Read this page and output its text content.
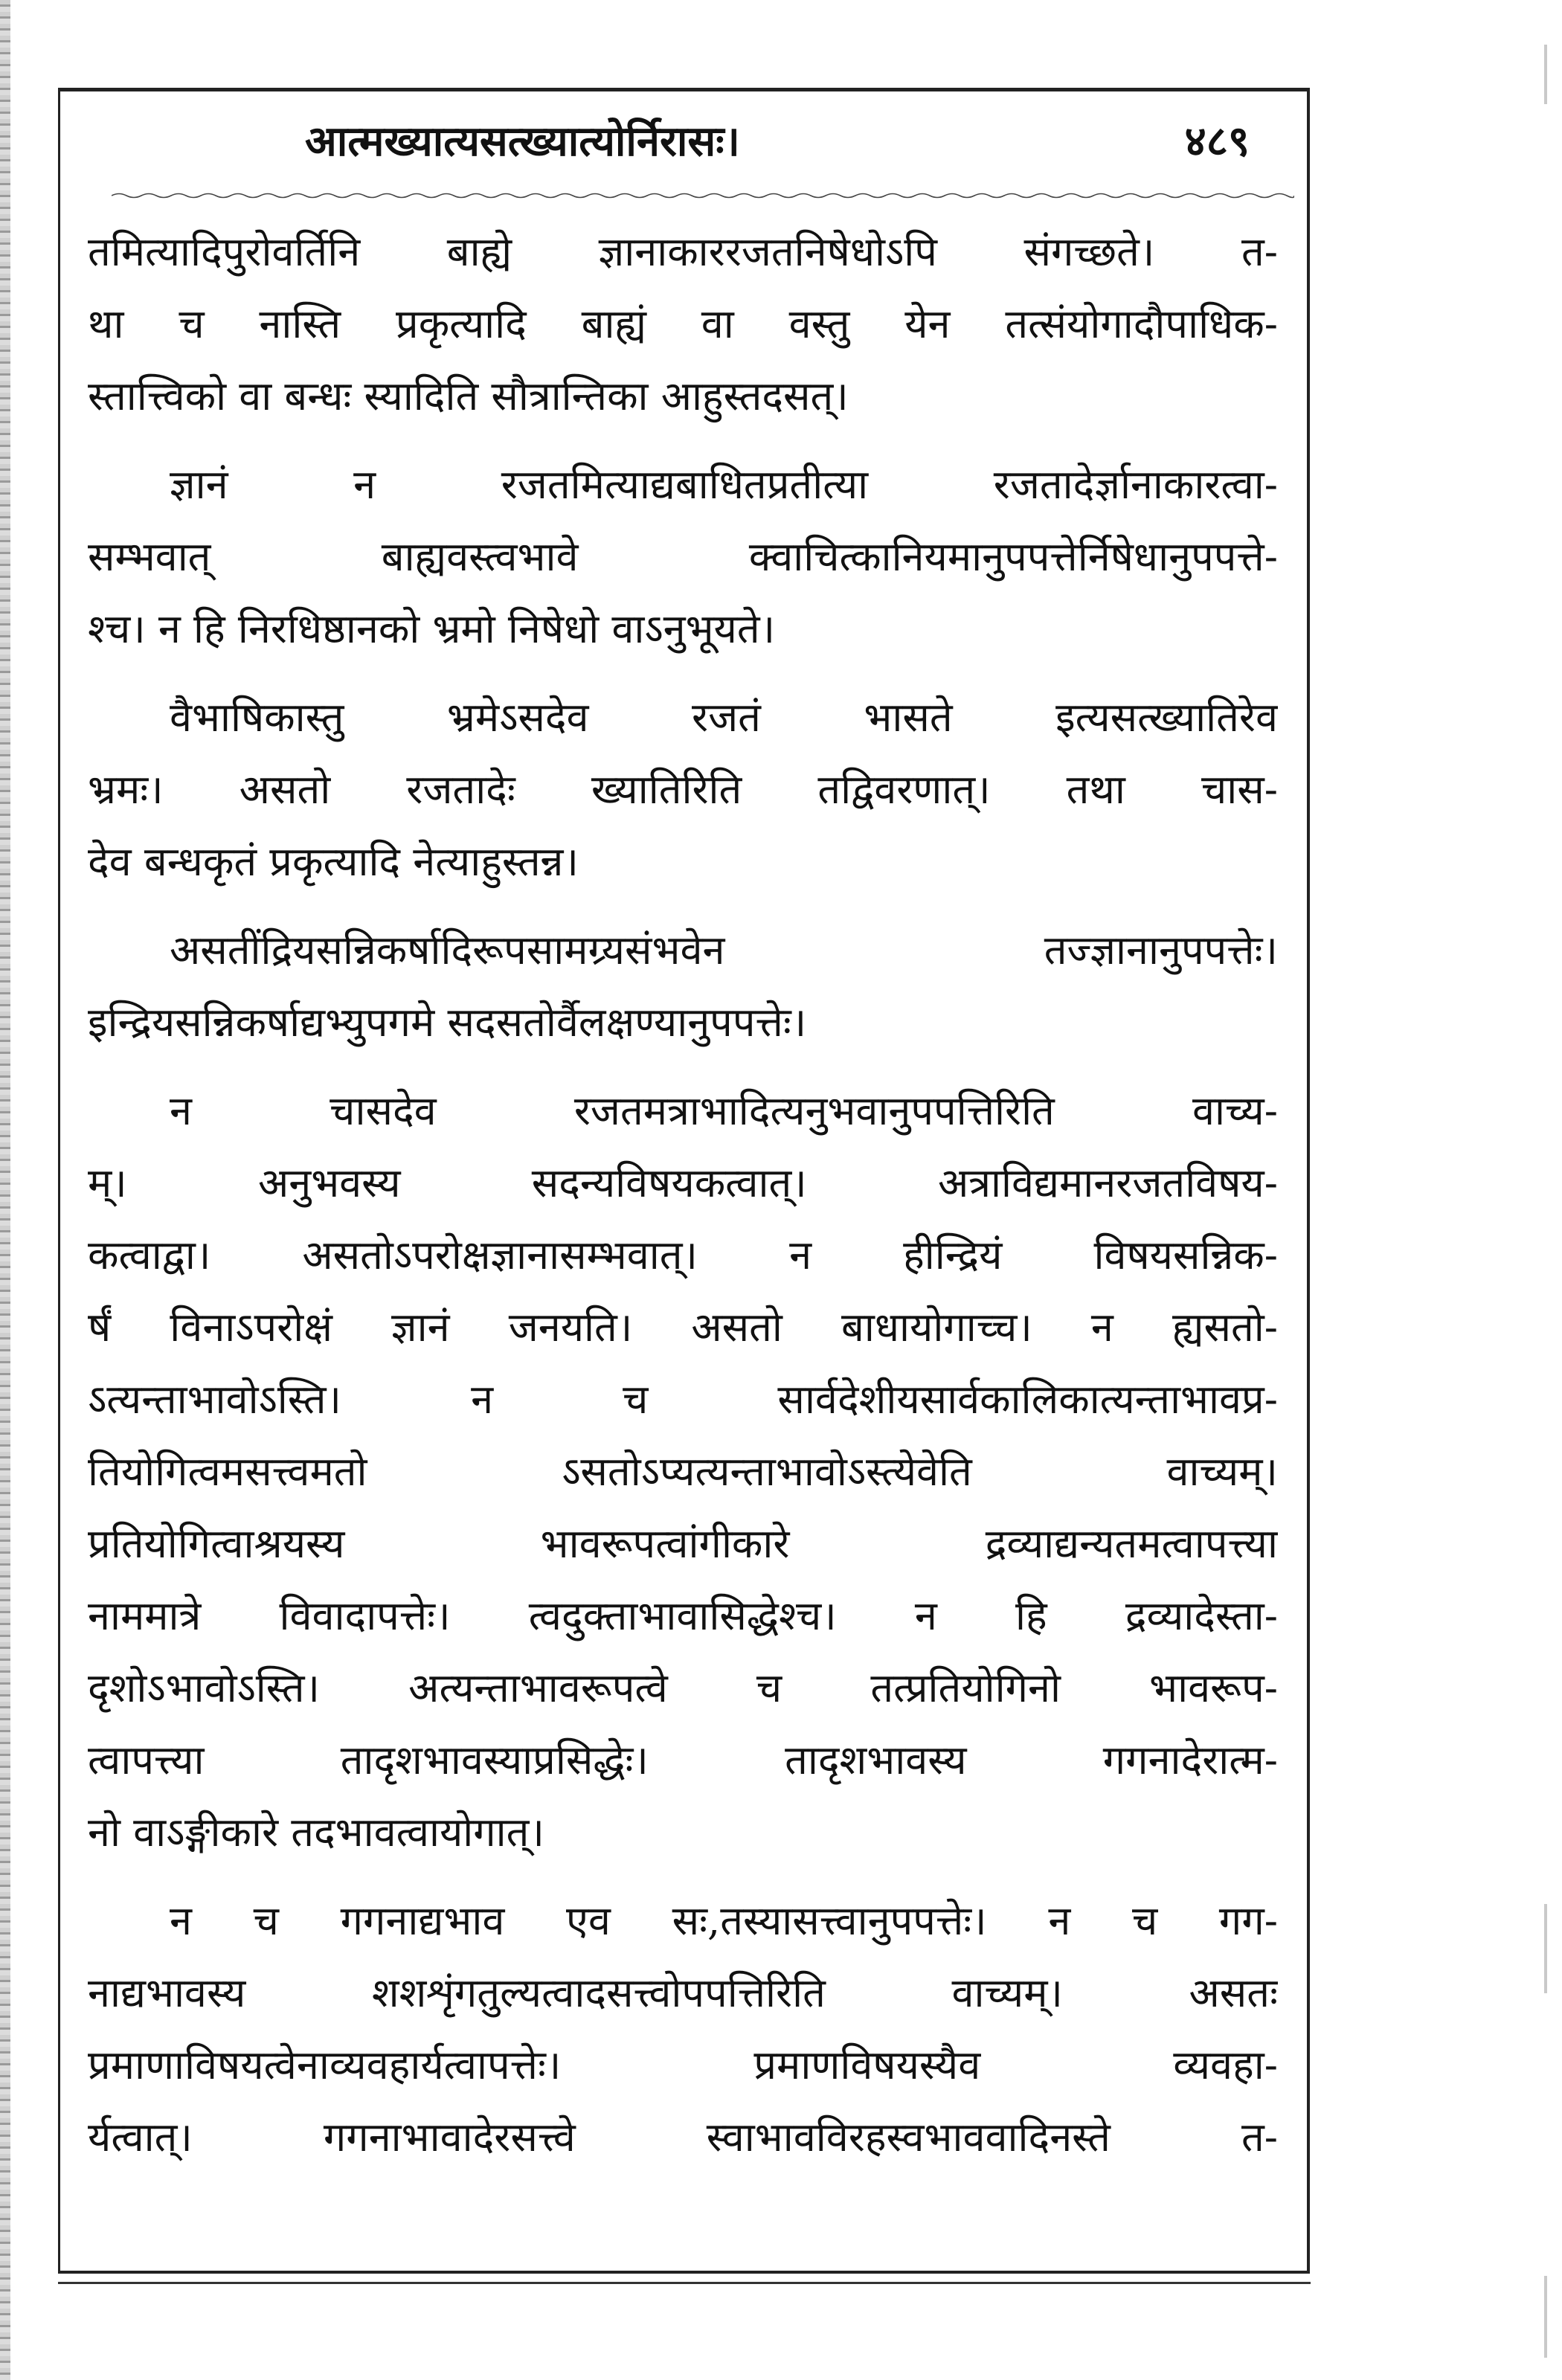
आत्मख्यात्यसत्ख्यात्योर्निरासः।	४८९
तमित्यादिपुरोवर्तिनि बाह्ये ज्ञानाकाररजतनिषेधोऽपि संगच्छते। त-
था च नास्ति प्रकृत्यादि बाह्यं वा वस्तु येन तत्संयोगादौपाधिक-
स्तात्त्विको वा बन्धः स्यादिति सौत्रान्तिका आहुस्तदसत्।
ज्ञानं न रजतमित्याद्यबाधितप्रतीत्या रजतादेर्ज्ञानाकारत्वा-
सम्भवात् बाह्यवस्त्वभावे क्वाचित्कानियमानुपपत्तेर्निषेधानुपपत्ते-
श्च। न हि निरधिष्ठानको भ्रमो निषेधो वाऽनुभूयते।
वैभाषिकास्तु भ्रमेऽसदेव रजतं भासते इत्यसत्ख्यातिरेव
भ्रमः। असतो रजतादेः ख्यातिरिति तद्विवरणात्। तथा चास-
देव बन्धकृतं प्रकृत्यादि नेत्याहुस्तन्न।
असतींद्रियसन्निकर्षादिरूपसामग्र्यसंभवेन तज्ज्ञानानुपपत्तेः।
इन्द्रियसन्निकर्षाद्यभ्युपगमे सदसतोर्वैलक्षण्यानुपपत्तेः।
न चासदेव रजतमत्राभादित्यनुभवानुपपत्तिरिति वाच्य-
म्। अनुभवस्य सदन्यविषयकत्वात्। अत्राविद्यमानरजतविषय-
कत्वाद्वा। असतोऽपरोक्षज्ञानासम्भवात्। न हीन्द्रियं विषयसन्निक-
र्षं विनाऽपरोक्षं ज्ञानं जनयति। असतो बाधायोगाच्च। न ह्यसतो-
ऽत्यन्ताभावोऽस्ति। न च सार्वदेशीयसार्वकालिकात्यन्ताभावप्र-
तियोगित्वमसत्त्वमतो ऽसतोऽप्यत्यन्ताभावोऽस्त्येवेति वाच्यम्।
प्रतियोगित्वाश्रयस्य भावरूपत्वांगीकारे द्रव्याद्यन्यतमत्वापत्त्या
नाममात्रे विवादापत्तेः। त्वदुक्ताभावासिद्धेश्च। न हि द्रव्यादेस्ता-
दृशोऽभावोऽस्ति। अत्यन्ताभावरूपत्वे च तत्प्रतियोगिनो भावरूप-
त्वापत्त्या तादृशभावस्याप्रसिद्धेः। तादृशभावस्य गगनादेरात्म-
नो वाऽङ्गीकारे तदभावत्वायोगात्।
न च गगनाद्यभाव एव सः,तस्यासत्त्वानुपपत्तेः। न च गग-
नाद्यभावस्य शशशृंगतुल्यत्वादसत्त्वोपपत्तिरिति वाच्यम्। असतः
प्रमाणाविषयत्वेनाव्यवहार्यत्वापत्तेः। प्रमाणविषयस्यैव व्यवहा-
र्यत्वात्। गगनाभावादेरसत्त्वे स्वाभावविरहस्वभाववादिनस्ते त-
